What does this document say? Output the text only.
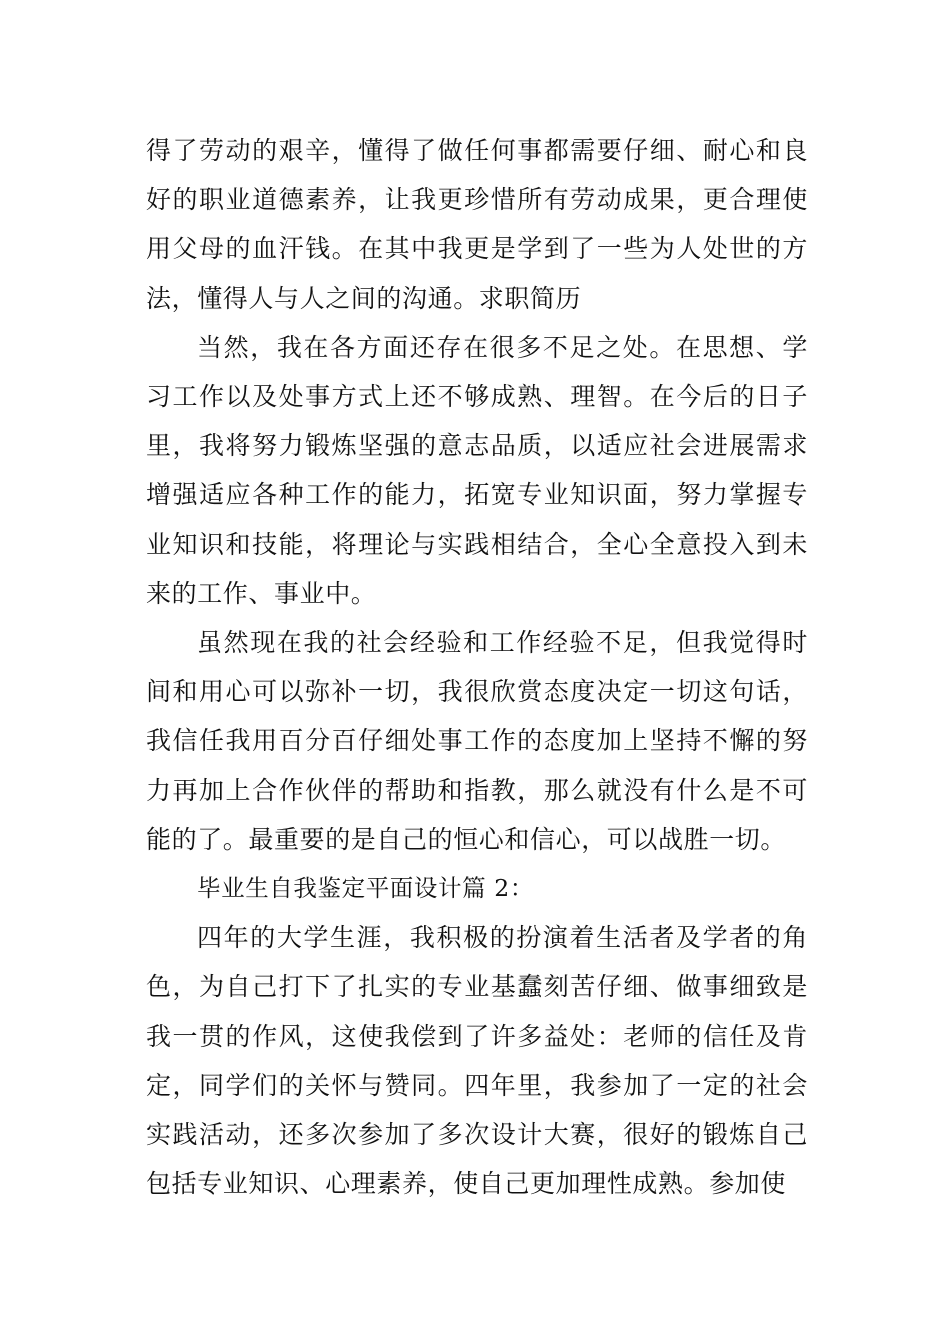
得了劳动的艰辛，懂得了做任何事都需要仔细、耐心和良好的职业道德素养，让我更珍惜所有劳动成果，更合理使用父母的血汗钱。在其中我更是学到了一些为人处世的方法，懂得人与人之间的沟通。求职简历

当然，我在各方面还存在很多不足之处。在思想、学习工作以及处事方式上还不够成熟、理智。在今后的日子里，我将努力锻炼坚强的意志品质，以适应社会进展需求增强适应各种工作的能力，拓宽专业知识面，努力掌握专业知识和技能，将理论与实践相结合，全心全意投入到未来的工作、事业中。

虽然现在我的社会经验和工作经验不足，但我觉得时间和用心可以弥补一切，我很欣赏态度决定一切这句话，我信任我用百分百仔细处事工作的态度加上坚持不懈的努力再加上合作伙伴的帮助和指教，那么就没有什么是不可能的了。最重要的是自己的恒心和信心，可以战胜一切。

毕业生自我鉴定平面设计篇 2：

四年的大学生涯，我积极的扮演着生活者及学者的角色，为自己打下了扎实的专业基蠢刻苦仔细、做事细致是我一贯的作风，这使我偿到了许多益处：老师的信任及肯定，同学们的关怀与赞同。四年里，我参加了一定的社会实践活动，还多次参加了多次设计大赛，很好的锻炼自己包括专业知识、心理素养，使自己更加理性成熟。参加使
